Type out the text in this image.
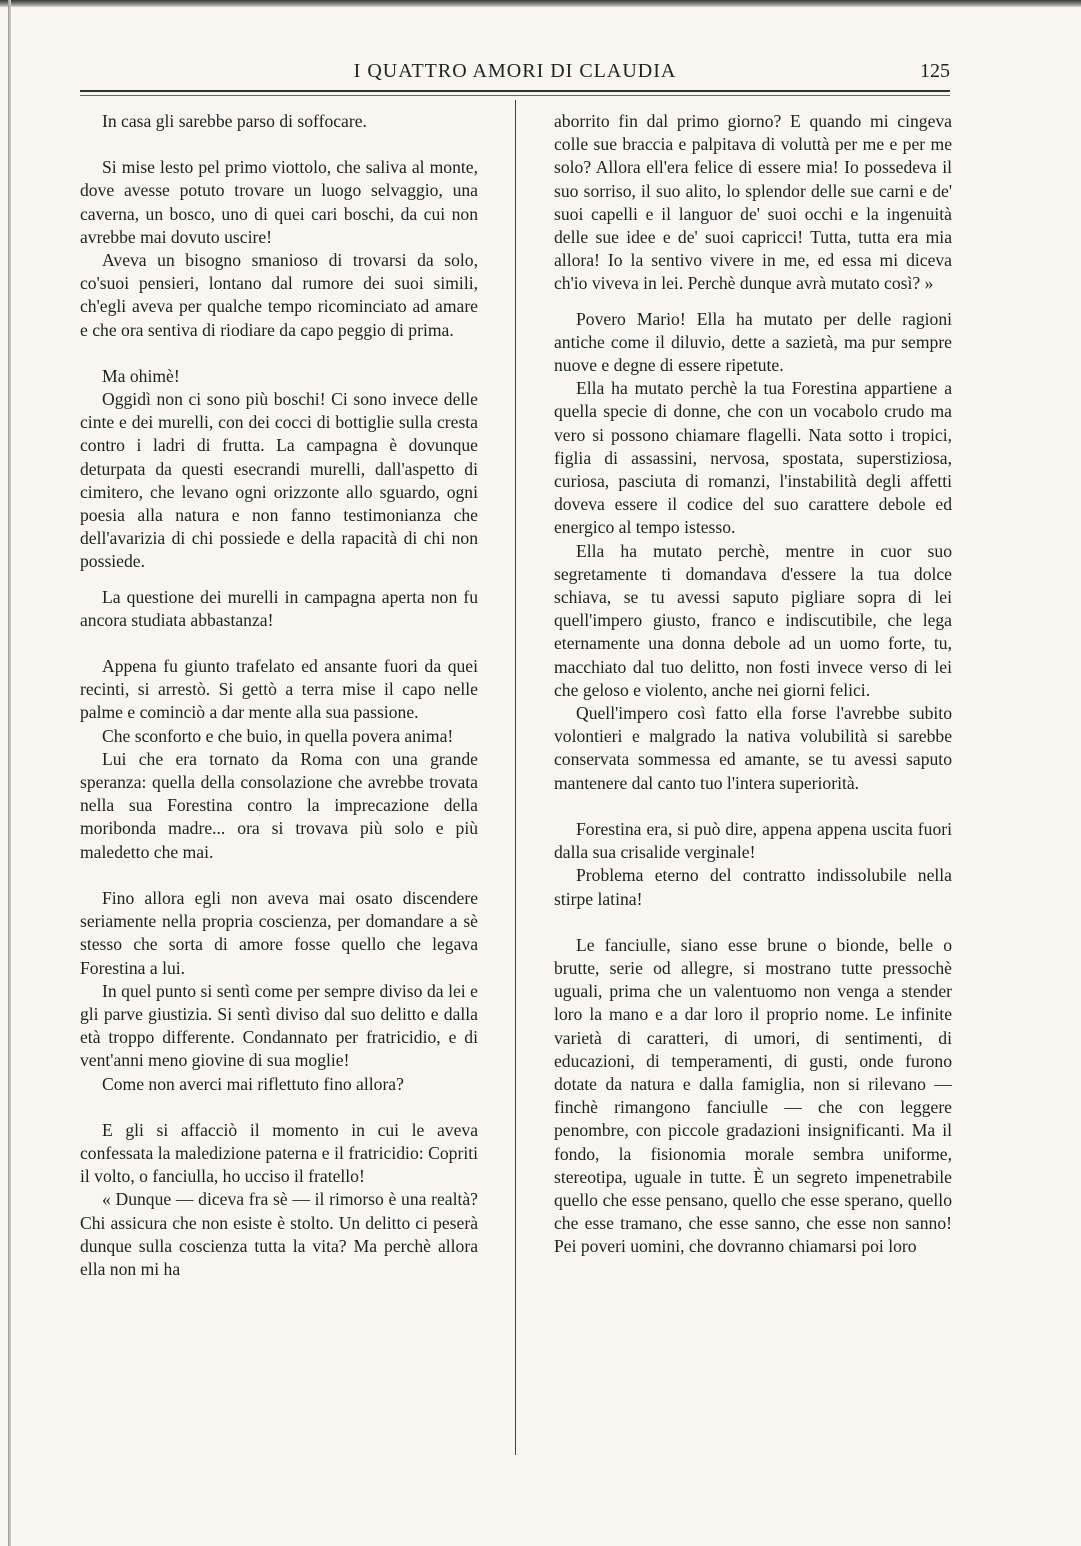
I QUATTRO AMORI DI CLAUDIA	125

In casa gli sarebbe parso di soffocare.

Si mise lesto pel primo viottolo, che saliva al monte, dove avesse potuto trovare un luogo selvaggio, una caverna, un bosco, uno di quei cari boschi, da cui non avrebbe mai dovuto uscire!

Aveva un bisogno smanioso di trovarsi da solo, co'suoi pensieri, lontano dal rumore dei suoi simili, ch'egli aveva per qualche tempo ricominciato ad amare e che ora sentiva di riodiare da capo peggio di prima.

Ma ohimè!

Oggidì non ci sono più boschi! Ci sono invece delle cinte e dei murelli, con dei cocci di bottiglie sulla cresta contro i ladri di frutta. La campagna è dovunque deturpata da questi esecrandi murelli, dall'aspetto di cimitero, che levano ogni orizzonte allo sguardo, ogni poesia alla natura e non fanno testimonianza che dell'avarizia di chi possiede e della rapacità di chi non possiede.

La questione dei murelli in campagna aperta non fu ancora studiata abbastanza!

Appena fu giunto trafelato ed ansante fuori da quei recinti, si arrestò. Si gettò a terra mise il capo nelle palme e cominciò a dar mente alla sua passione.

Che sconforto e che buio, in quella povera anima!

Lui che era tornato da Roma con una grande speranza: quella della consolazione che avrebbe trovata nella sua Forestina contro la imprecazione della moribonda madre... ora si trovava più solo e più maledetto che mai.

Fino allora egli non aveva mai osato discendere seriamente nella propria coscienza, per domandare a sè stesso che sorta di amore fosse quello che legava Forestina a lui.

In quel punto si sentì come per sempre diviso da lei e gli parve giustizia. Si sentì diviso dal suo delitto e dalla età troppo differente. Condannato per fratricidio, e di vent'anni meno giovine di sua moglie!

Come non averci mai riflettuto fino allora?

E gli si affacciò il momento in cui le aveva confessata la maledizione paterna e il fratricidio: Copriti il volto, o fanciulla, ho ucciso il fratello!

« Dunque — diceva fra sè — il rimorso è una realtà? Chi assicura che non esiste è stolto. Un delitto ci peserà dunque sulla coscienza tutta la vita? Ma perchè allora ella non mi ha

aborrito fin dal primo giorno? E quando mi cingeva colle sue braccia e palpitava di voluttà per me e per me solo? Allora ell'era felice di essere mia! Io possedeva il suo sorriso, il suo alito, lo splendor delle sue carni e de' suoi capelli e il languor de' suoi occhi e la ingenuità delle sue idee e de' suoi capricci! Tutta, tutta era mia allora! Io la sentivo vivere in me, ed essa mi diceva ch'io viveva in lei. Perchè dunque avrà mutato così? »

Povero Mario! Ella ha mutato per delle ragioni antiche come il diluvio, dette a sazietà, ma pur sempre nuove e degne di essere ripetute.

Ella ha mutato perchè la tua Forestina appartiene a quella specie di donne, che con un vocabolo crudo ma vero si possono chiamare flagelli. Nata sotto i tropici, figlia di assassini, nervosa, spostata, superstiziosa, curiosa, pasciuta di romanzi, l'instabilità degli affetti doveva essere il codice del suo carattere debole ed energico al tempo istesso.

Ella ha mutato perchè, mentre in cuor suo segretamente ti domandava d'essere la tua dolce schiava, se tu avessi saputo pigliare sopra di lei quell'impero giusto, franco e indiscutibile, che lega eternamente una donna debole ad un uomo forte, tu, macchiato dal tuo delitto, non fosti invece verso di lei che geloso e violento, anche nei giorni felici.

Quell'impero così fatto ella forse l'avrebbe subito volontieri e malgrado la nativa volubilità si sarebbe conservata sommessa ed amante, se tu avessi saputo mantenere dal canto tuo l'intera superiorità.

Forestina era, si può dire, appena appena uscita fuori dalla sua crisalide verginale!

Problema eterno del contratto indissolubile nella stirpe latina!

Le fanciulle, siano esse brune o bionde, belle o brutte, serie od allegre, si mostrano tutte pressochè uguali, prima che un valentuomo non venga a stender loro la mano e a dar loro il proprio nome. Le infinite varietà di caratteri, di umori, di sentimenti, di educazioni, di temperamenti, di gusti, onde furono dotate da natura e dalla famiglia, non si rilevano — finchè rimangono fanciulle — che con leggere penombre, con piccole gradazioni insignificanti. Ma il fondo, la fisionomia morale sembra uniforme, stereotipa, uguale in tutte. È un segreto impenetrabile quello che esse pensano, quello che esse sperano, quello che esse tramano, che esse sanno, che esse non sanno! Pei poveri uomini, che dovranno chiamarsi poi loro
